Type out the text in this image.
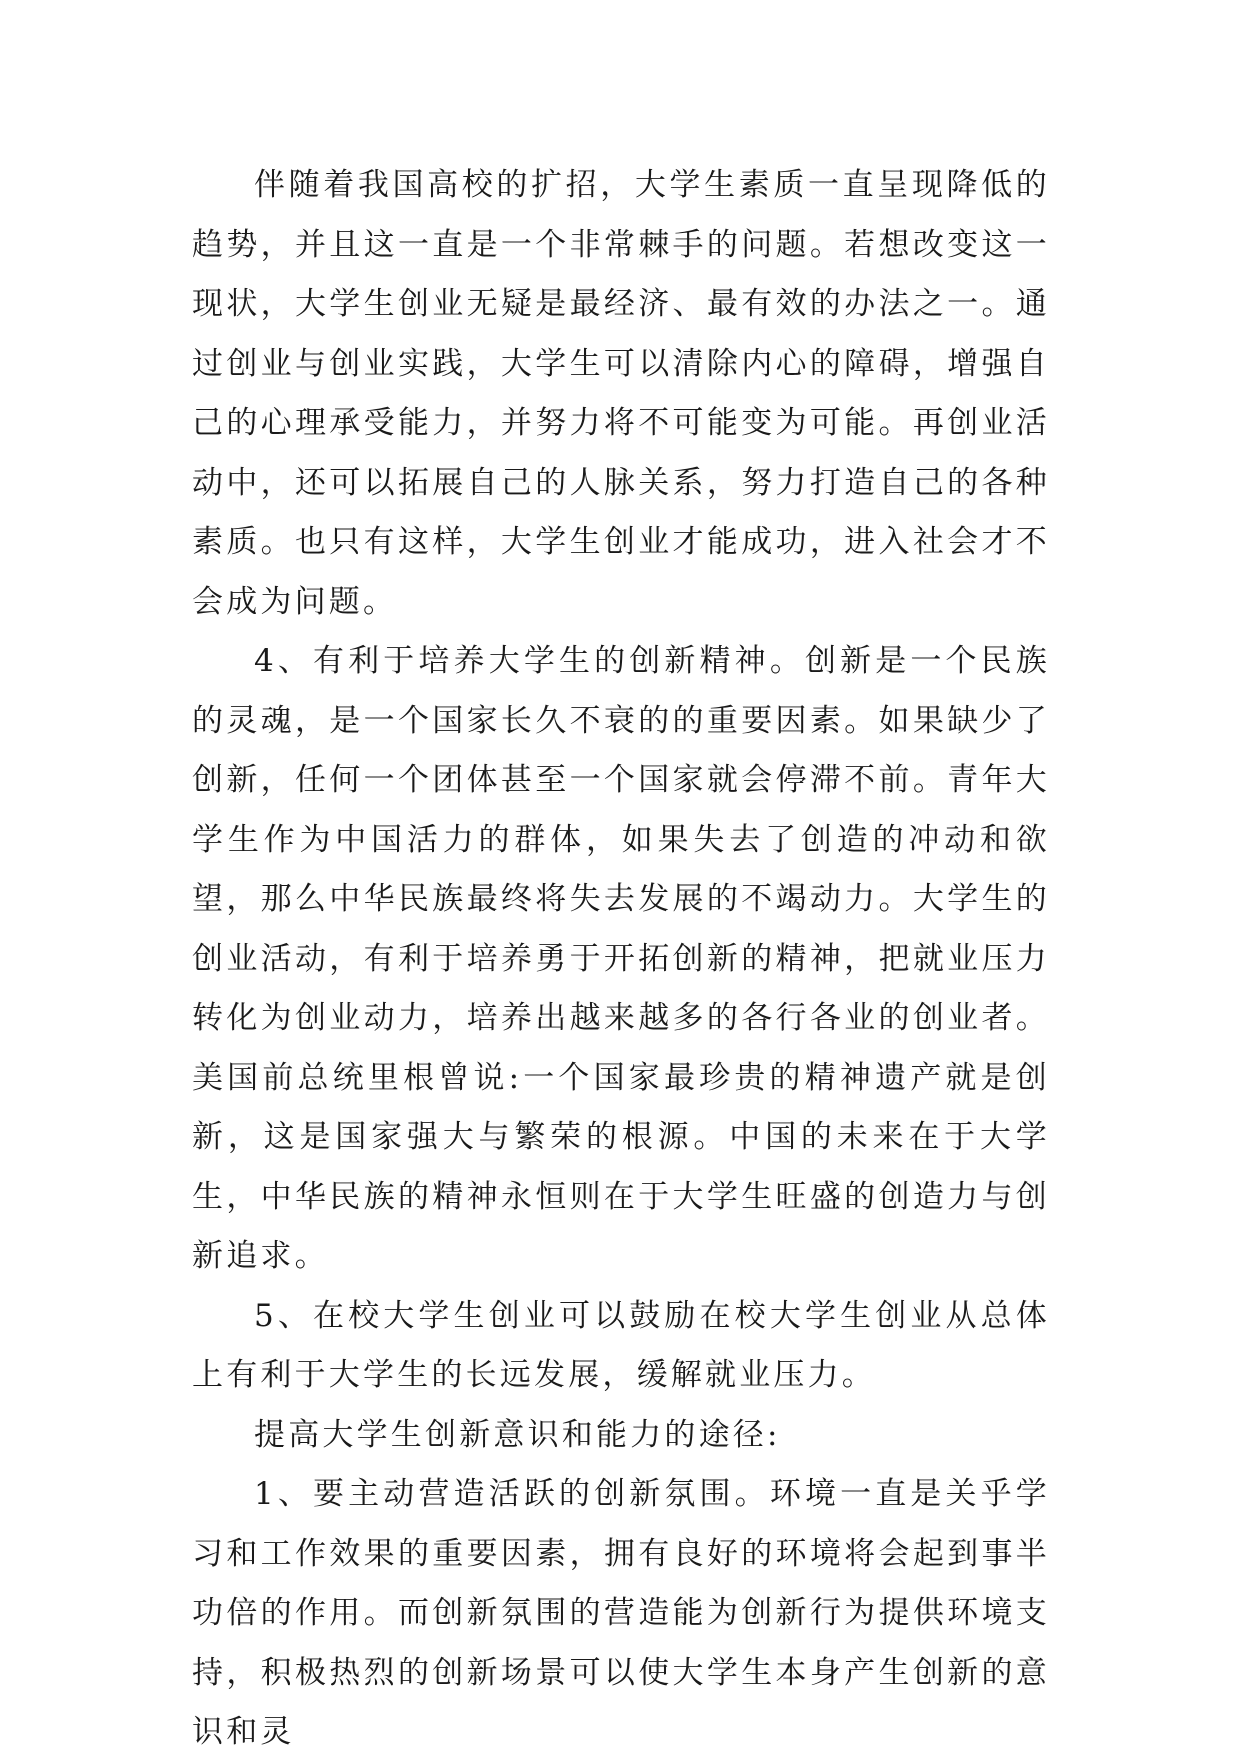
伴随着我国高校的扩招，大学生素质一直呈现降低的趋势，并且这一直是一个非常棘手的问题。若想改变这一现状，大学生创业无疑是最经济、最有效的办法之一。通过创业与创业实践，大学生可以清除内心的障碍，增强自己的心理承受能力，并努力将不可能变为可能。再创业活动中，还可以拓展自己的人脉关系，努力打造自己的各种素质。也只有这样，大学生创业才能成功，进入社会才不会成为问题。

4、有利于培养大学生的创新精神。创新是一个民族的灵魂，是一个国家长久不衰的的重要因素。如果缺少了创新，任何一个团体甚至一个国家就会停滞不前。青年大学生作为中国活力的群体，如果失去了创造的冲动和欲望，那么中华民族最终将失去发展的不竭动力。大学生的创业活动，有利于培养勇于开拓创新的精神，把就业压力转化为创业动力，培养出越来越多的各行各业的创业者。美国前总统里根曾说:一个国家最珍贵的精神遗产就是创新，这是国家强大与繁荣的根源。中国的未来在于大学生，中华民族的精神永恒则在于大学生旺盛的创造力与创新追求。

5、在校大学生创业可以鼓励在校大学生创业从总体上有利于大学生的长远发展，缓解就业压力。

提高大学生创新意识和能力的途径:

1、要主动营造活跃的创新氛围。环境一直是关乎学习和工作效果的重要因素，拥有良好的环境将会起到事半功倍的作用。而创新氛围的营造能为创新行为提供环境支持，积极热烈的创新场景可以使大学生本身产生创新的意识和灵
